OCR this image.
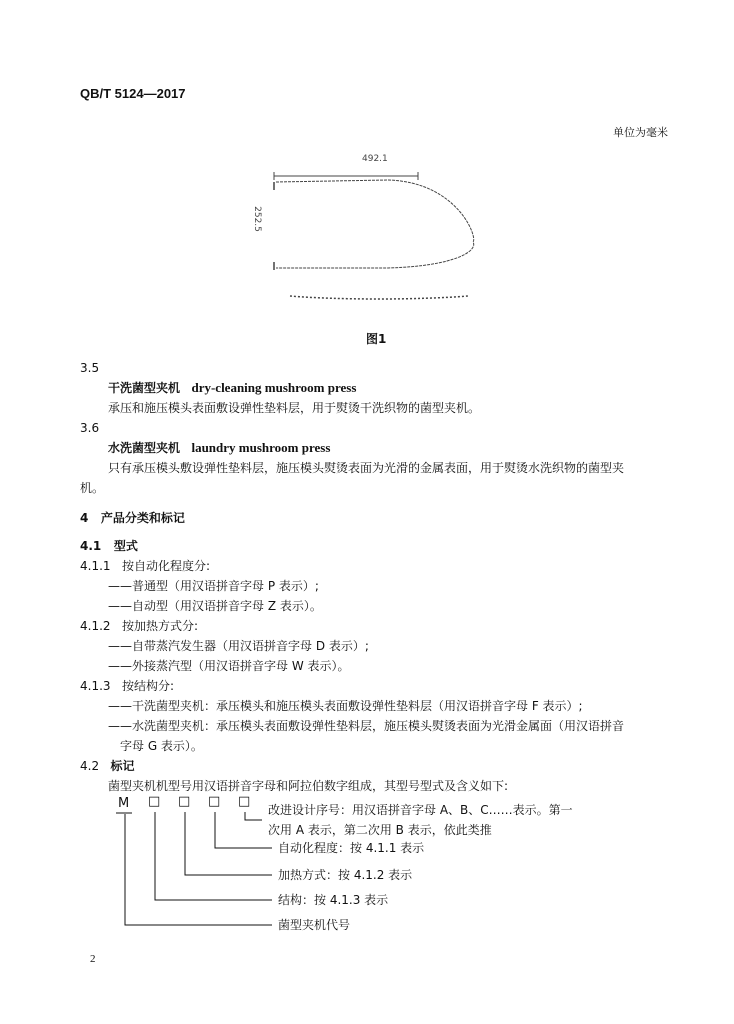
QB/T 5124—2017
单位为毫米
492.1
252.5
图1
3.5
干洗菌型夹机 dry-cleaning mushroom press
承压和施压模头表面敷设弹性垫料层，用于熨烫干洗织物的菌型夹机。
3.6
水洗菌型夹机 laundry mushroom press
只有承压模头敷设弹性垫料层，施压模头熨烫表面为光滑的金属表面，用于熨烫水洗织物的菌型夹
机。
4 产品分类和标记
4.1 型式
4.1.1 按自动化程度分:
——普通型（用汉语拼音字母 P 表示）;
——自动型（用汉语拼音字母 Z 表示）。
4.1.2 按加热方式分:
——自带蒸汽发生器（用汉语拼音字母 D 表示）;
——外接蒸汽型（用汉语拼音字母 W 表示）。
4.1.3 按结构分:
——干洗菌型夹机：承压模头和施压模头表面敷设弹性垫料层（用汉语拼音字母 F 表示）;
——水洗菌型夹机：承压模头表面敷设弹性垫料层，施压模头熨烫表面为光滑金属面（用汉语拼音
字母 G 表示）。
4.2 标记
菌型夹机机型号用汉语拼音字母和阿拉伯数字组成，其型号型式及含义如下:
M □ □ □ □
改进设计序号：用汉语拼音字母 A、B、C……表示。第一
次用 A 表示，第二次用 B 表示，依此类推
自动化程度：按 4.1.1 表示
加热方式：按 4.1.2 表示
结构：按 4.1.3 表示
菌型夹机代号
2
